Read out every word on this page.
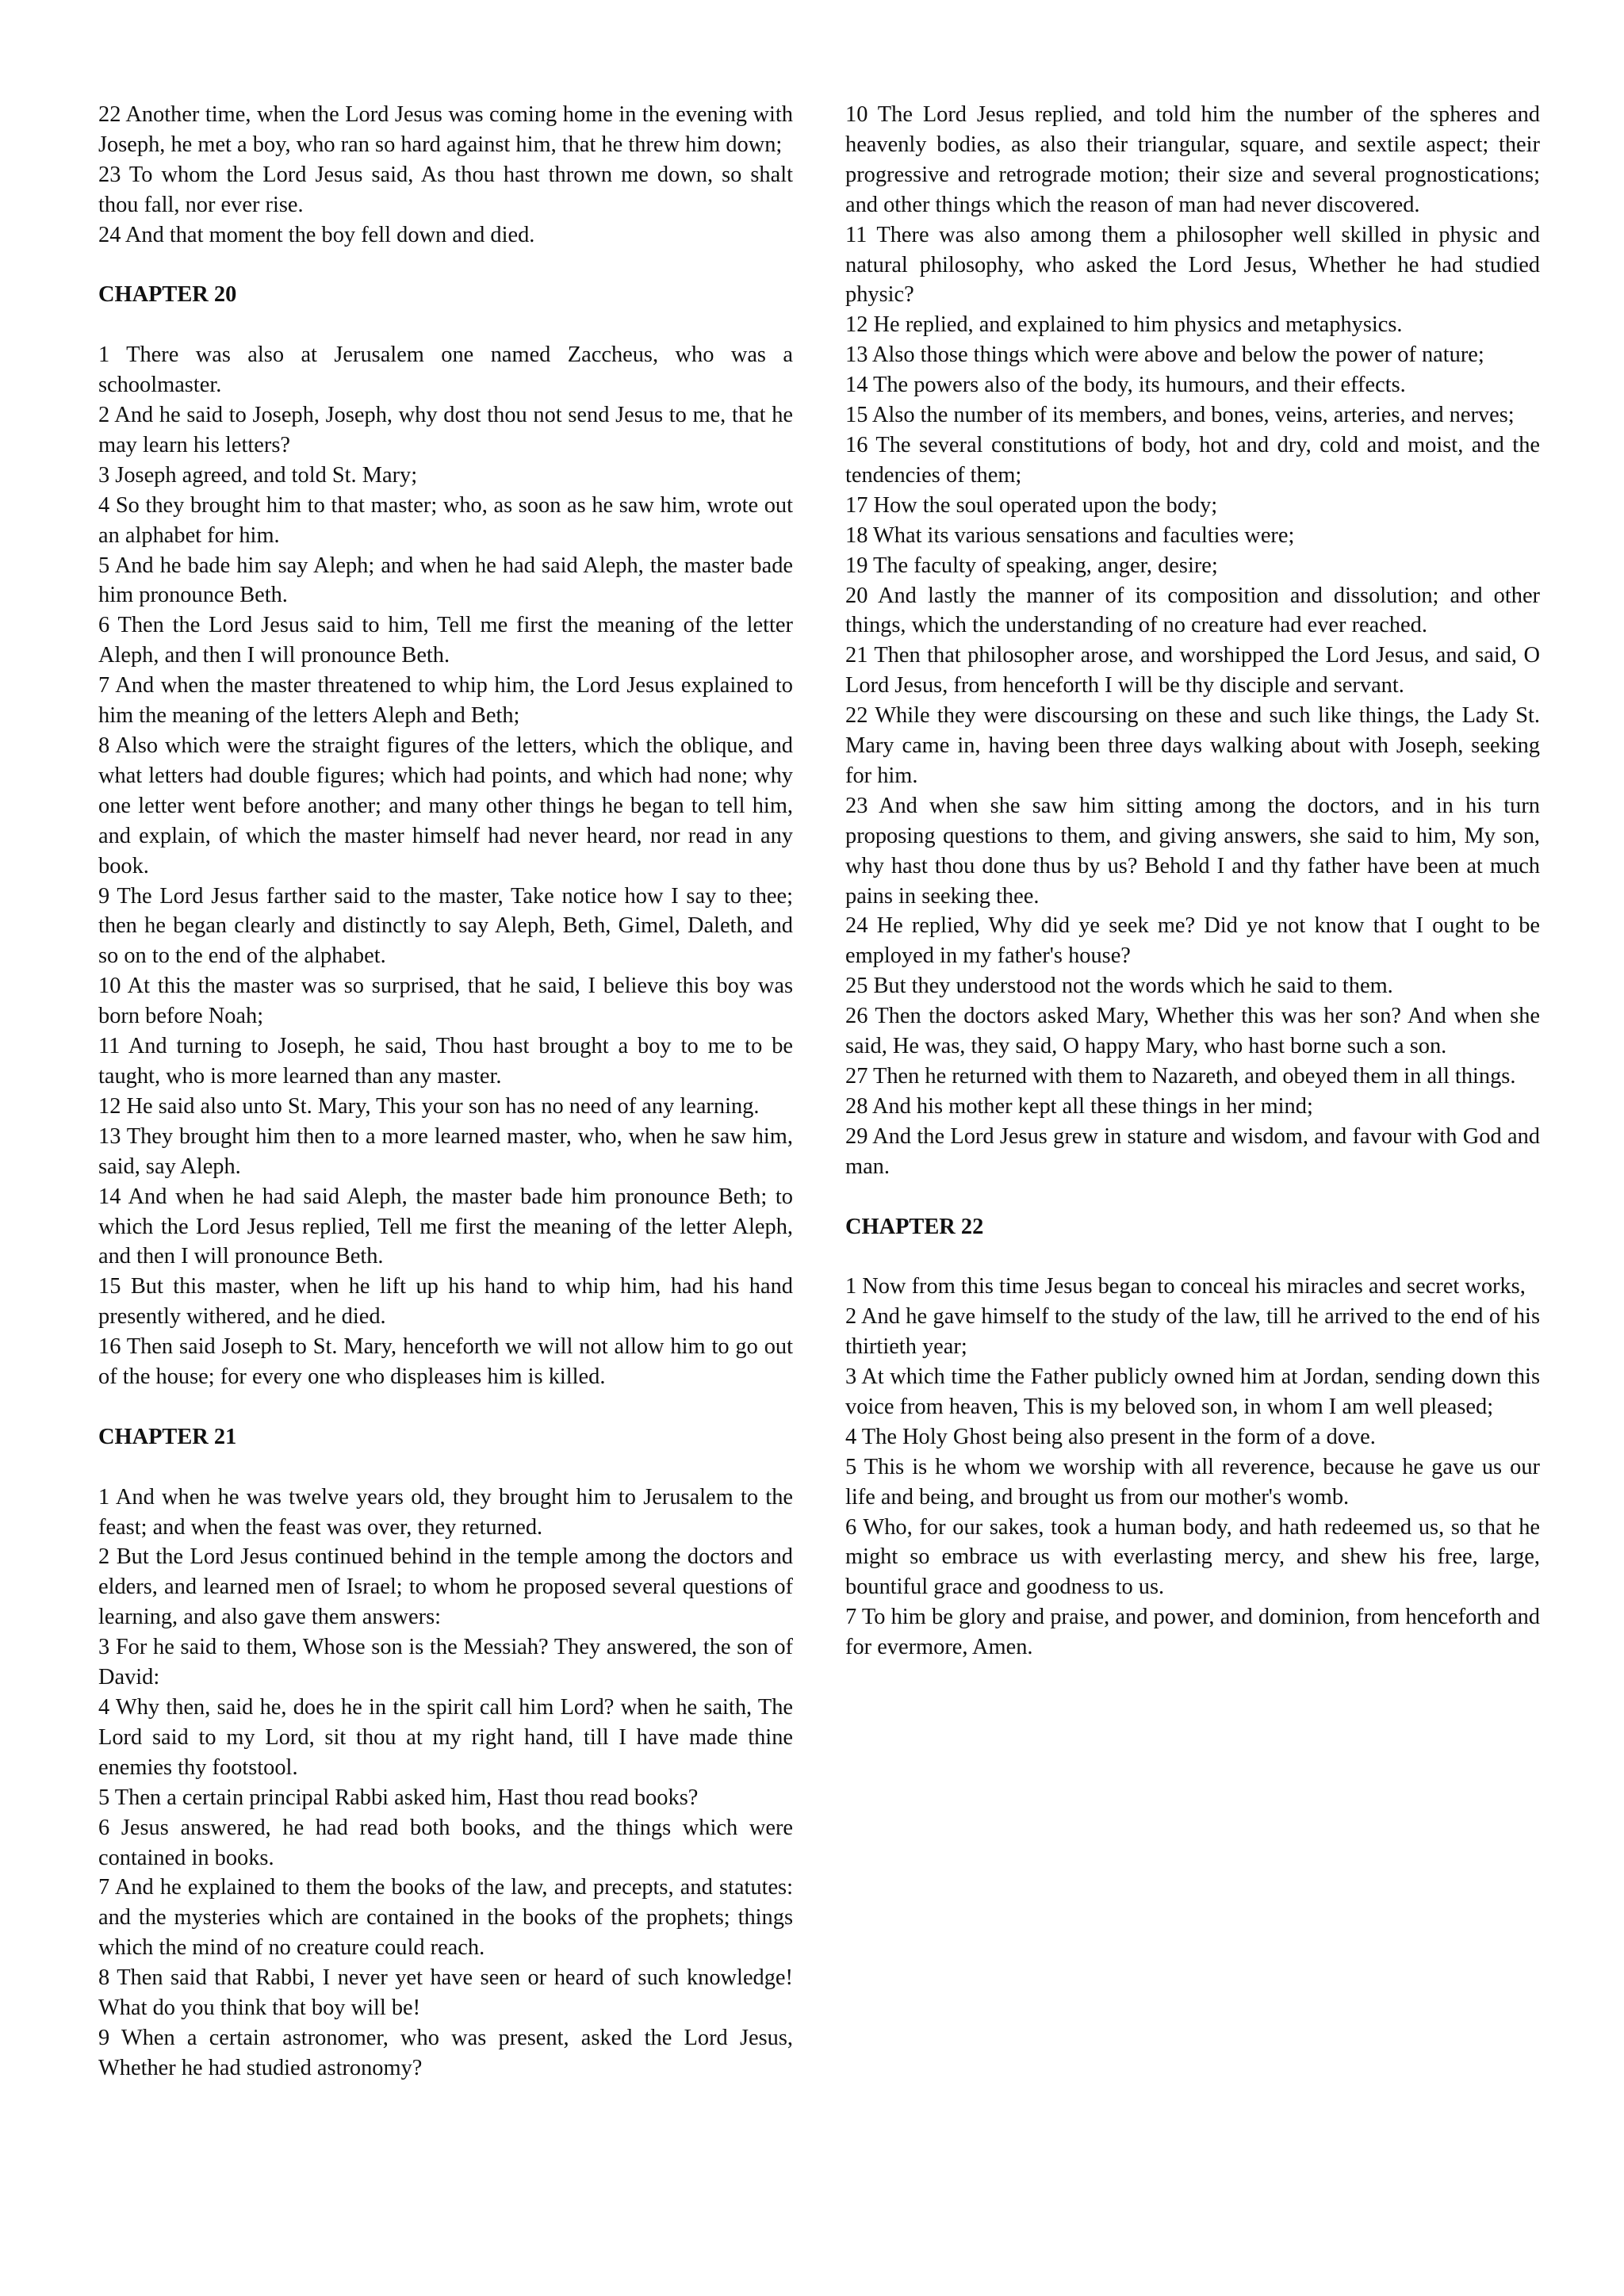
22 Another time, when the Lord Jesus was coming home in the evening with Joseph, he met a boy, who ran so hard against him, that he threw him down;

23 To whom the Lord Jesus said, As thou hast thrown me down, so shalt thou fall, nor ever rise.

24 And that moment the boy fell down and died.

CHAPTER 20

1 There was also at Jerusalem one named Zaccheus, who was a schoolmaster.

2 And he said to Joseph, Joseph, why dost thou not send Jesus to me, that he may learn his letters?

3 Joseph agreed, and told St. Mary;

4 So they brought him to that master; who, as soon as he saw him, wrote out an alphabet for him.

5 And he bade him say Aleph; and when he had said Aleph, the master bade him pronounce Beth.

6 Then the Lord Jesus said to him, Tell me first the meaning of the letter Aleph, and then I will pronounce Beth.

7 And when the master threatened to whip him, the Lord Jesus explained to him the meaning of the letters Aleph and Beth;

8 Also which were the straight figures of the letters, which the oblique, and what letters had double figures; which had points, and which had none; why one letter went before another; and many other things he began to tell him, and explain, of which the master himself had never heard, nor read in any book.

9 The Lord Jesus farther said to the master, Take notice how I say to thee; then he began clearly and distinctly to say Aleph, Beth, Gimel, Daleth, and so on to the end of the alphabet.

10 At this the master was so surprised, that he said, I believe this boy was born before Noah;

11 And turning to Joseph, he said, Thou hast brought a boy to me to be taught, who is more learned than any master.

12 He said also unto St. Mary, This your son has no need of any learning.

13 They brought him then to a more learned master, who, when he saw him, said, say Aleph.

14 And when he had said Aleph, the master bade him pronounce Beth; to which the Lord Jesus replied, Tell me first the meaning of the letter Aleph, and then I will pronounce Beth.

15 But this master, when he lift up his hand to whip him, had his hand presently withered, and he died.

16 Then said Joseph to St. Mary, henceforth we will not allow him to go out of the house; for every one who displeases him is killed.

CHAPTER 21

1 And when he was twelve years old, they brought him to Jerusalem to the feast; and when the feast was over, they returned.

2 But the Lord Jesus continued behind in the temple among the doctors and elders, and learned men of Israel; to whom he proposed several questions of learning, and also gave them answers:

3 For he said to them, Whose son is the Messiah? They answered, the son of David:

4 Why then, said he, does he in the spirit call him Lord? when he saith, The Lord said to my Lord, sit thou at my right hand, till I have made thine enemies thy footstool.

5 Then a certain principal Rabbi asked him, Hast thou read books?

6 Jesus answered, he had read both books, and the things which were contained in books.

7 And he explained to them the books of the law, and precepts, and statutes: and the mysteries which are contained in the books of the prophets; things which the mind of no creature could reach.

8 Then said that Rabbi, I never yet have seen or heard of such knowledge! What do you think that boy will be!

9 When a certain astronomer, who was present, asked the Lord Jesus, Whether he had studied astronomy?

10 The Lord Jesus replied, and told him the number of the spheres and heavenly bodies, as also their triangular, square, and sextile aspect; their progressive and retrograde motion; their size and several prognostications; and other things which the reason of man had never discovered.

11 There was also among them a philosopher well skilled in physic and natural philosophy, who asked the Lord Jesus, Whether he had studied physic?

12 He replied, and explained to him physics and metaphysics.

13 Also those things which were above and below the power of nature;

14 The powers also of the body, its humours, and their effects.

15 Also the number of its members, and bones, veins, arteries, and nerves;

16 The several constitutions of body, hot and dry, cold and moist, and the tendencies of them;

17 How the soul operated upon the body;

18 What its various sensations and faculties were;

19 The faculty of speaking, anger, desire;

20 And lastly the manner of its composition and dissolution; and other things, which the understanding of no creature had ever reached.

21 Then that philosopher arose, and worshipped the Lord Jesus, and said, O Lord Jesus, from henceforth I will be thy disciple and servant.

22 While they were discoursing on these and such like things, the Lady St. Mary came in, having been three days walking about with Joseph, seeking for him.

23 And when she saw him sitting among the doctors, and in his turn proposing questions to them, and giving answers, she said to him, My son, why hast thou done thus by us? Behold I and thy father have been at much pains in seeking thee.

24 He replied, Why did ye seek me? Did ye not know that I ought to be employed in my father's house?

25 But they understood not the words which he said to them.

26 Then the doctors asked Mary, Whether this was her son? And when she said, He was, they said, O happy Mary, who hast borne such a son.

27 Then he returned with them to Nazareth, and obeyed them in all things.

28 And his mother kept all these things in her mind;

29 And the Lord Jesus grew in stature and wisdom, and favour with God and man.

CHAPTER 22

1 Now from this time Jesus began to conceal his miracles and secret works,

2 And he gave himself to the study of the law, till he arrived to the end of his thirtieth year;

3 At which time the Father publicly owned him at Jordan, sending down this voice from heaven, This is my beloved son, in whom I am well pleased;

4 The Holy Ghost being also present in the form of a dove.

5 This is he whom we worship with all reverence, because he gave us our life and being, and brought us from our mother's womb.

6 Who, for our sakes, took a human body, and hath redeemed us, so that he might so embrace us with everlasting mercy, and shew his free, large, bountiful grace and goodness to us.

7 To him be glory and praise, and power, and dominion, from henceforth and for evermore, Amen.
